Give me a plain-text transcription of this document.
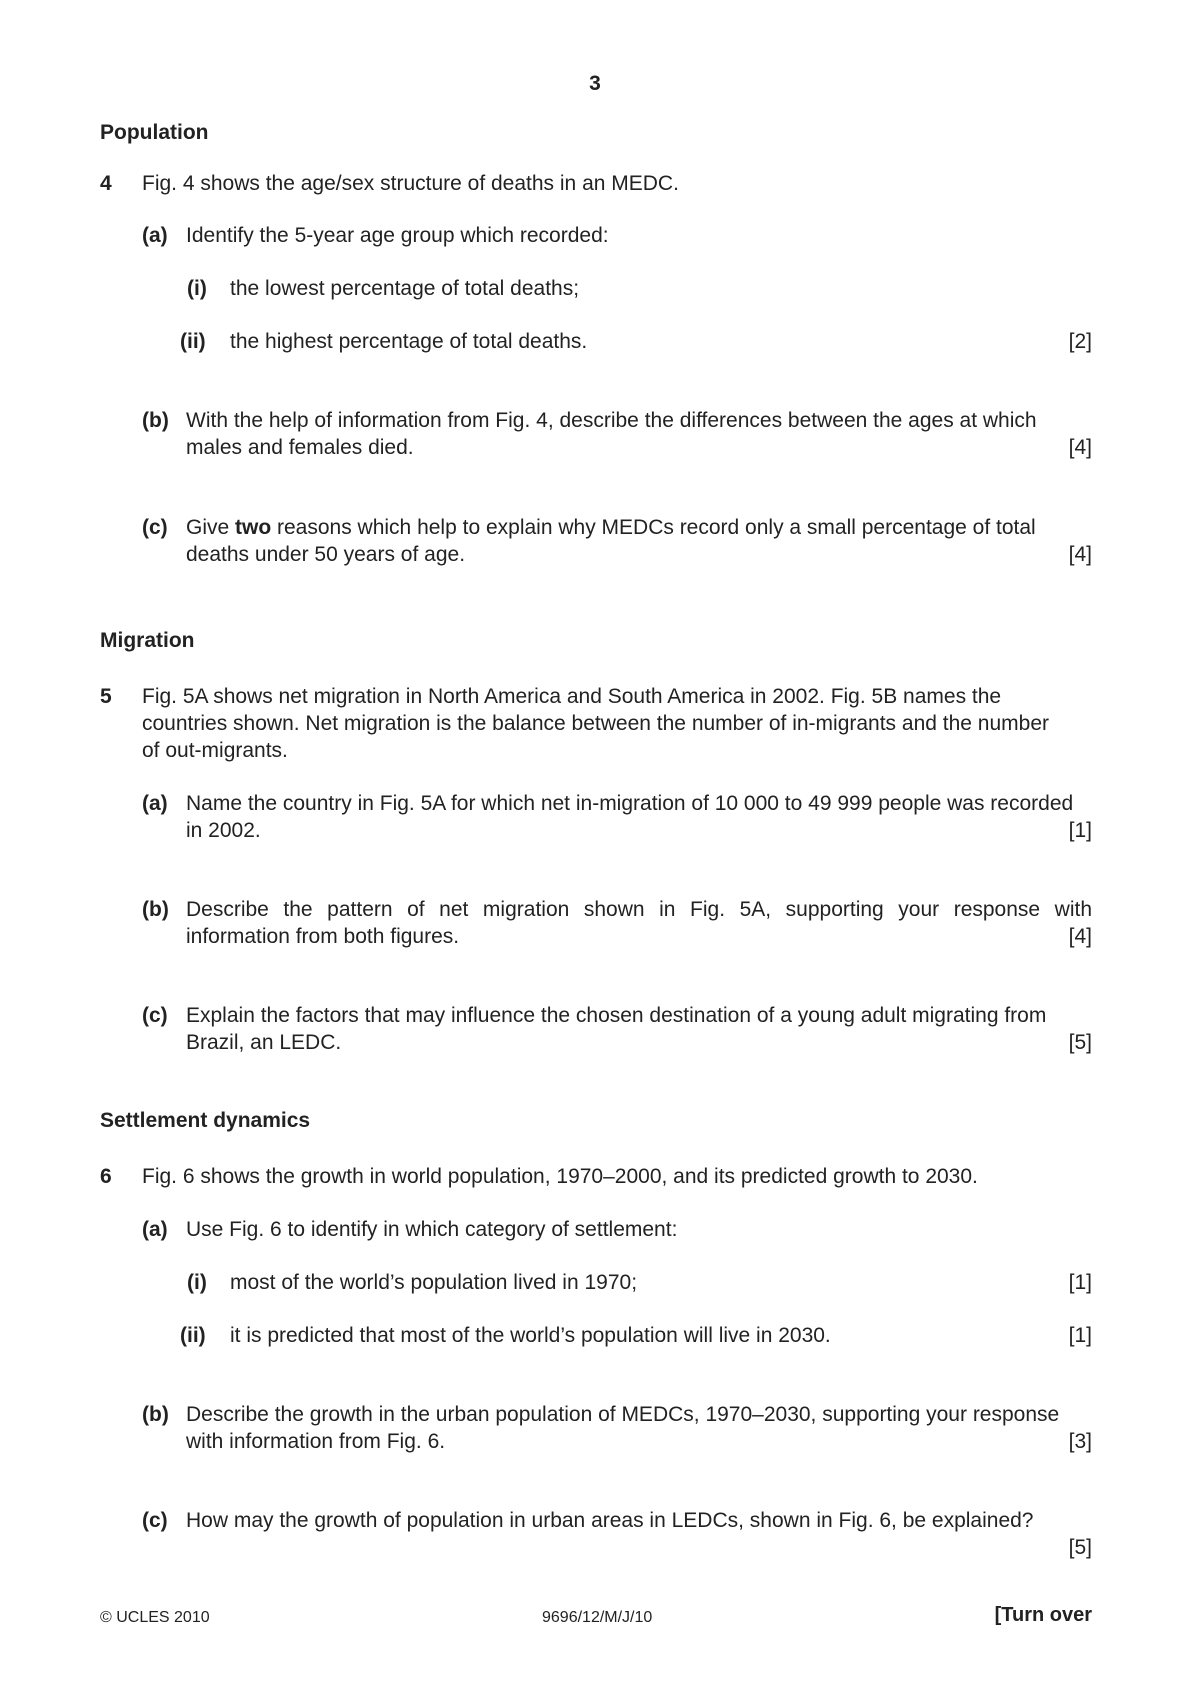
3
Population
4 Fig. 4 shows the age/sex structure of deaths in an MEDC.
(a) Identify the 5-year age group which recorded:
(i) the lowest percentage of total deaths;
(ii) the highest percentage of total deaths.	[2]
(b) With the help of information from Fig. 4, describe the differences between the ages at which
males and females died.	[4]
(c) Give two reasons which help to explain why MEDCs record only a small percentage of total
deaths under 50 years of age.	[4]
Migration
5 Fig. 5A shows net migration in North America and South America in 2002. Fig. 5B names the
countries shown. Net migration is the balance between the number of in-migrants and the number
of out-migrants.
(a) Name the country in Fig. 5A for which net in-migration of 10 000 to 49 999 people was recorded
in 2002.	[1]
(b) Describe the pattern of net migration shown in Fig. 5A, supporting your response with
information from both figures.	[4]
(c) Explain the factors that may influence the chosen destination of a young adult migrating from
Brazil, an LEDC.	[5]
Settlement dynamics
6 Fig. 6 shows the growth in world population, 1970–2000, and its predicted growth to 2030.
(a) Use Fig. 6 to identify in which category of settlement:
(i) most of the world’s population lived in 1970;	[1]
(ii) it is predicted that most of the world’s population will live in 2030.	[1]
(b) Describe the growth in the urban population of MEDCs, 1970–2030, supporting your response
with information from Fig. 6.	[3]
(c) How may the growth of population in urban areas in LEDCs, shown in Fig. 6, be explained?
[5]
© UCLES 2010	9696/12/M/J/10	[Turn over
